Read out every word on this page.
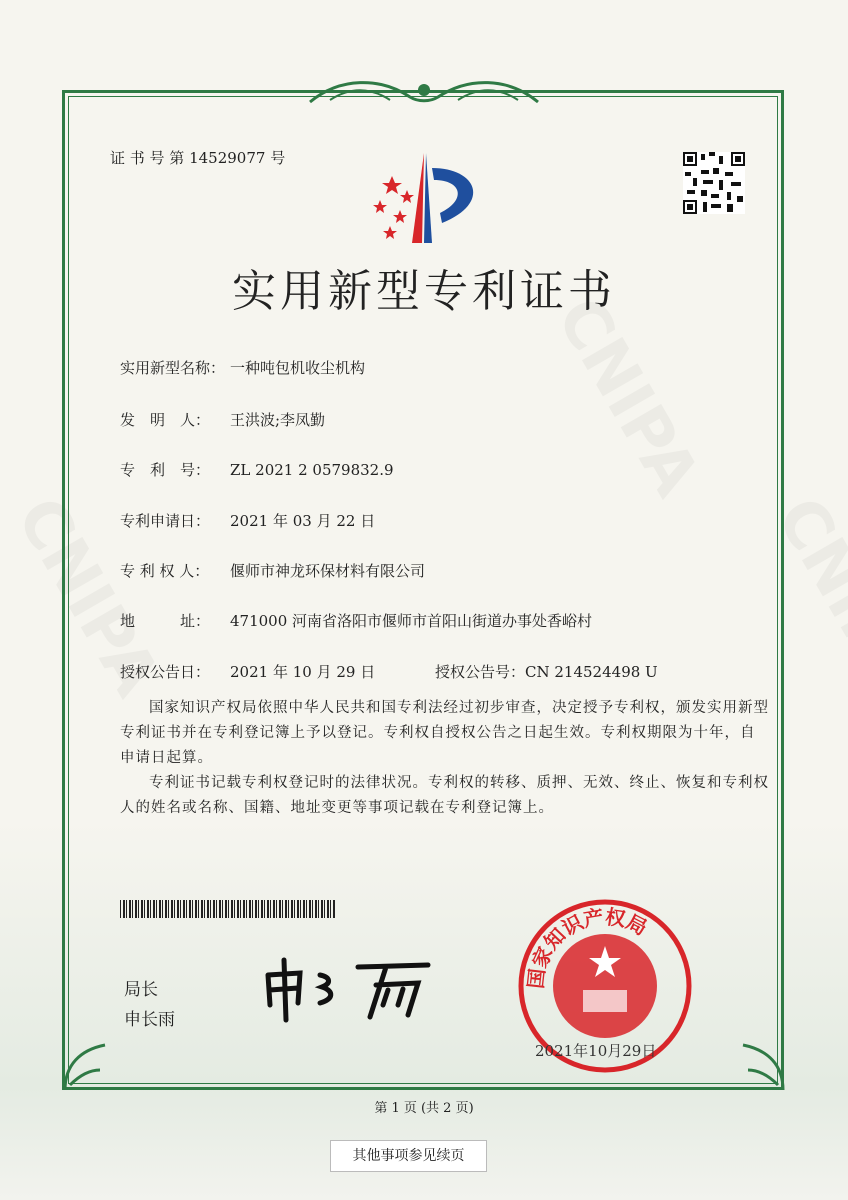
证 书 号 第 14529077 号
实用新型专利证书
实用新型名称： 一种吨包机收尘机构
发　明　人： 王洪波;李凤勤
专　利　号： ZL 2021 2 0579832.9
专利申请日： 2021 年 03 月 22 日
专 利 权 人： 偃师市神龙环保材料有限公司
地　　　址： 471000 河南省洛阳市偃师市首阳山街道办事处香峪村
授权公告日： 2021 年 10 月 29 日	授权公告号：CN 214524498 U
国家知识产权局依照中华人民共和国专利法经过初步审查，决定授予专利权，颁发实用新型专利证书并在专利登记簿上予以登记。专利权自授权公告之日起生效。专利权期限为十年，自申请日起算。
专利证书记载专利权登记时的法律状况。专利权的转移、质押、无效、终止、恢复和专利权人的姓名或名称、国籍、地址变更等事项记载在专利登记簿上。
局长
申长雨
国家知识产权局
2021年10月29日
第 1 页 (共 2 页)
其他事项参见续页
